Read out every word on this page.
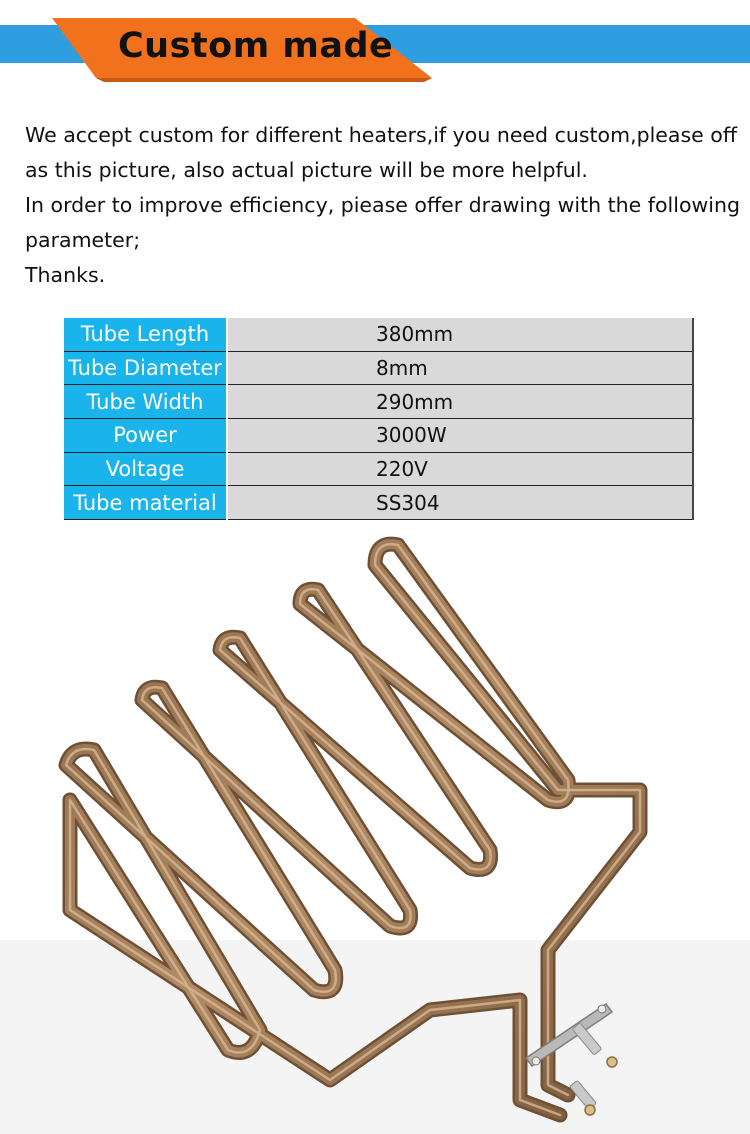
Custom made

We accept custom for different heaters,if you need custom,please off

as this picture, also actual picture will be more helpful.

In order to improve efficiency, piease offer drawing with the following

parameter;

Thanks.

Tube Length	380mm
Tube Diameter	8mm
Tube Width	290mm
Power	3000W
Voltage	220V
Tube material	SS304
